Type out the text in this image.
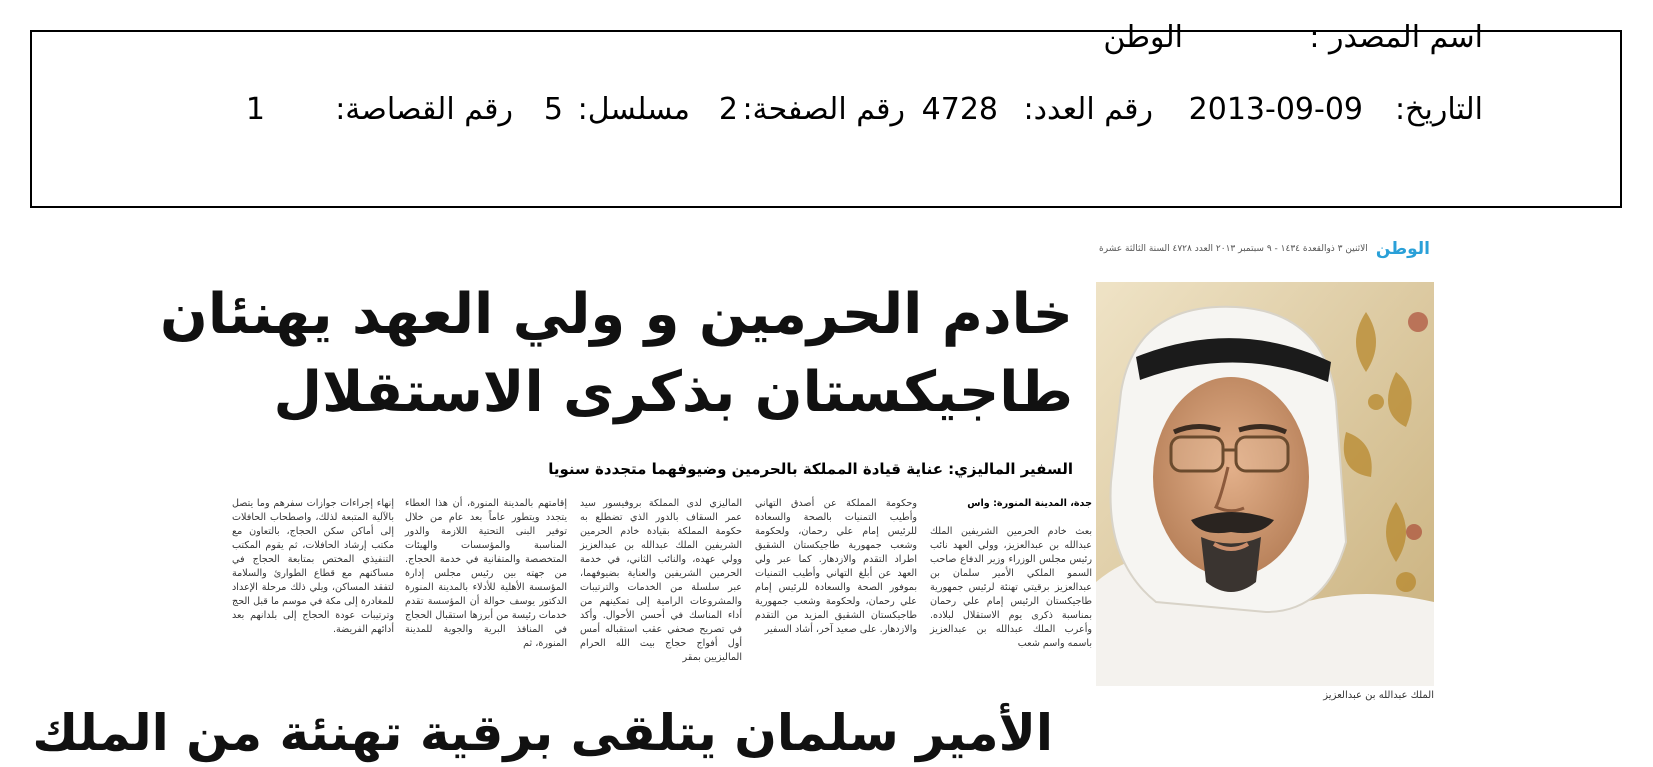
اسم المصدر :
الوطن
التاريخ:
2013-09-09
رقم العدد:
4728
رقم الصفحة:
2
مسلسل:
5
رقم القصاصة:
1
الوطن
الاثنين ٣ ذوالقعدة ١٤٣٤ - ٩ سبتمبر ٢٠١٣ العدد ٤٧٢٨ السنة الثالثة عشرة
الملك عبدالله بن عبدالعزيز
خادم الحرمين و ولي العهد يهنئان
طاجيكستان بذكرى الاستقلال
السفير الماليزي: عناية قيادة المملكة بالحرمين وضيوفهما متجددة سنويا
جدة، المدينة المنورة: واس

بعث خادم الحرمين الشريفين الملك عبدالله بن عبدالعزيز، وولي العهد نائب رئيس مجلس الوزراء وزير الدفاع صاحب السمو الملكي الأمير سلمان بن عبدالعزيز برقيتي تهنئة لرئيس جمهورية طاجيكستان الرئيس إمام علي رحمان بمناسبة ذكرى يوم الاستقلال لبلاده. وأعرب الملك عبدالله بن عبدالعزيز باسمه واسم شعب
وحكومة المملكة عن أصدق التهاني وأطيب التمنيات بالصحة والسعادة للرئيس إمام علي رحمان، ولحكومة وشعب جمهورية طاجيكستان الشقيق اطراد التقدم والازدهار. كما عبر ولي العهد عن أبلغ التهاني وأطيب التمنيات بموفور الصحة والسعادة للرئيس إمام علي رحمان، ولحكومة وشعب جمهورية طاجيكستان الشقيق المزيد من التقدم والازدهار. على صعيد آخر، أشاد السفير
الماليزي لدى المملكة بروفيسور سيد عمر السقاف بالدور الذي تضطلع به حكومة المملكة بقيادة خادم الحرمين الشريفين الملك عبدالله بن عبدالعزيز وولي عهده، والنائب الثاني، في خدمة الحرمين الشريفين والعناية بضيوفهما، عبر سلسلة من الخدمات والترتيبات والمشروعات الرامية إلى تمكينهم من أداء المناسك في أحسن الأحوال. وأكد في تصريح صحفي عقب استقباله أمس أول أفواج حجاج بيت الله الحرام الماليزيين بمقر
إقامتهم بالمدينة المنورة، أن هذا العطاء يتجدد ويتطور عاماً بعد عام من خلال توفير البنى التحتية اللازمة والدور المناسبة والمؤسسات والهيئات المتخصصة والمتفانية في خدمة الحجاج. من جهته بين رئيس مجلس إدارة المؤسسة الأهلية للأدلاء بالمدينة المنورة الدكتور يوسف حوالة أن المؤسسة تقدم خدمات رئيسة من أبرزها استقبال الحجاج في المنافذ البرية والجوية للمدينة المنورة، ثم
إنهاء إجراءات جوازات سفرهم وما يتصل بالآلية المتبعة لذلك، واصطحاب الحافلات إلى أماكن سكن الحجاج، بالتعاون مع مكتب إرشاد الحافلات، ثم يقوم المكتب التنفيذي المختص بمتابعة الحجاج في مساكنهم مع قطاع الطوارئ والسلامة لتفقد المساكن، ويلي ذلك مرحلة الإعداد للمغادرة إلى مكة في موسم ما قبل الحج وترتيبات عودة الحجاج إلى بلدانهم بعد أدائهم الفريضة.
الأمير سلمان يتلقى برقية تهنئة من الملك
